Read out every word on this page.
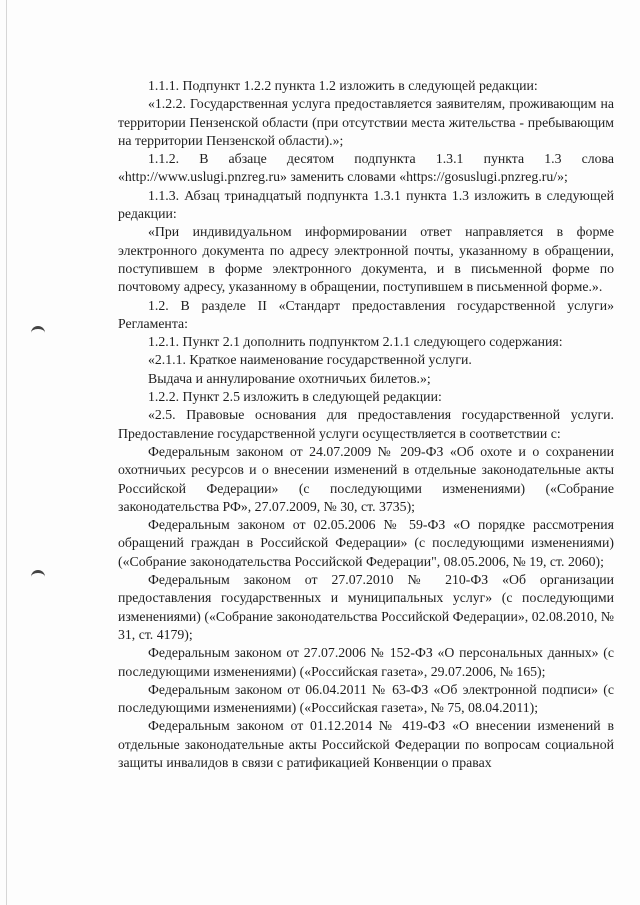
1.1.1. Подпункт 1.2.2 пункта 1.2 изложить в следующей редакции:

«1.2.2. Государственная услуга предоставляется заявителям, проживающим на территории Пензенской области (при отсутствии места жительства - пребывающим на территории Пензенской области).»;

1.1.2. В абзаце десятом подпункта 1.3.1 пункта 1.3 слова «http://www.uslugi.pnzreg.ru» заменить словами «https://gosuslugi.pnzreg.ru/»;

1.1.3. Абзац тринадцатый подпункта 1.3.1 пункта 1.3 изложить в следующей редакции:

«При индивидуальном информировании ответ направляется в форме электронного документа по адресу электронной почты, указанному в обращении, поступившем в форме электронного документа, и в письменной форме по почтовому адресу, указанному в обращении, поступившем в письменной форме.».

1.2. В разделе II «Стандарт предоставления государственной услуги» Регламента:

1.2.1. Пункт 2.1 дополнить подпунктом 2.1.1 следующего содержания:

«2.1.1. Краткое наименование государственной услуги.

Выдача и аннулирование охотничьих билетов.»;

1.2.2. Пункт 2.5 изложить в следующей редакции:

«2.5. Правовые основания для предоставления государственной услуги. Предоставление государственной услуги осуществляется в соответствии с:

Федеральным законом от 24.07.2009 № 209-ФЗ «Об охоте и о сохранении охотничьих ресурсов и о внесении изменений в отдельные законодательные акты Российской Федерации» (с последующими изменениями) («Собрание законодательства РФ», 27.07.2009, № 30, ст. 3735);

Федеральным законом от 02.05.2006 № 59-ФЗ «О порядке рассмотрения обращений граждан в Российской Федерации» (с последующими изменениями) («Собрание законодательства Российской Федерации", 08.05.2006, № 19, ст. 2060);

Федеральным законом от 27.07.2010 № 210-ФЗ «Об организации предоставления государственных и муниципальных услуг» (с последующими изменениями) («Собрание законодательства Российской Федерации», 02.08.2010, № 31, ст. 4179);

Федеральным законом от 27.07.2006 № 152-ФЗ «О персональных данных» (с последующими изменениями) («Российская газета», 29.07.2006, № 165);

Федеральным законом от 06.04.2011 № 63-ФЗ «Об электронной подписи» (с последующими изменениями) («Российская газета», № 75, 08.04.2011);

Федеральным законом от 01.12.2014 № 419-ФЗ «О внесении изменений в отдельные законодательные акты Российской Федерации по вопросам социальной защиты инвалидов в связи с ратификацией Конвенции о правах
